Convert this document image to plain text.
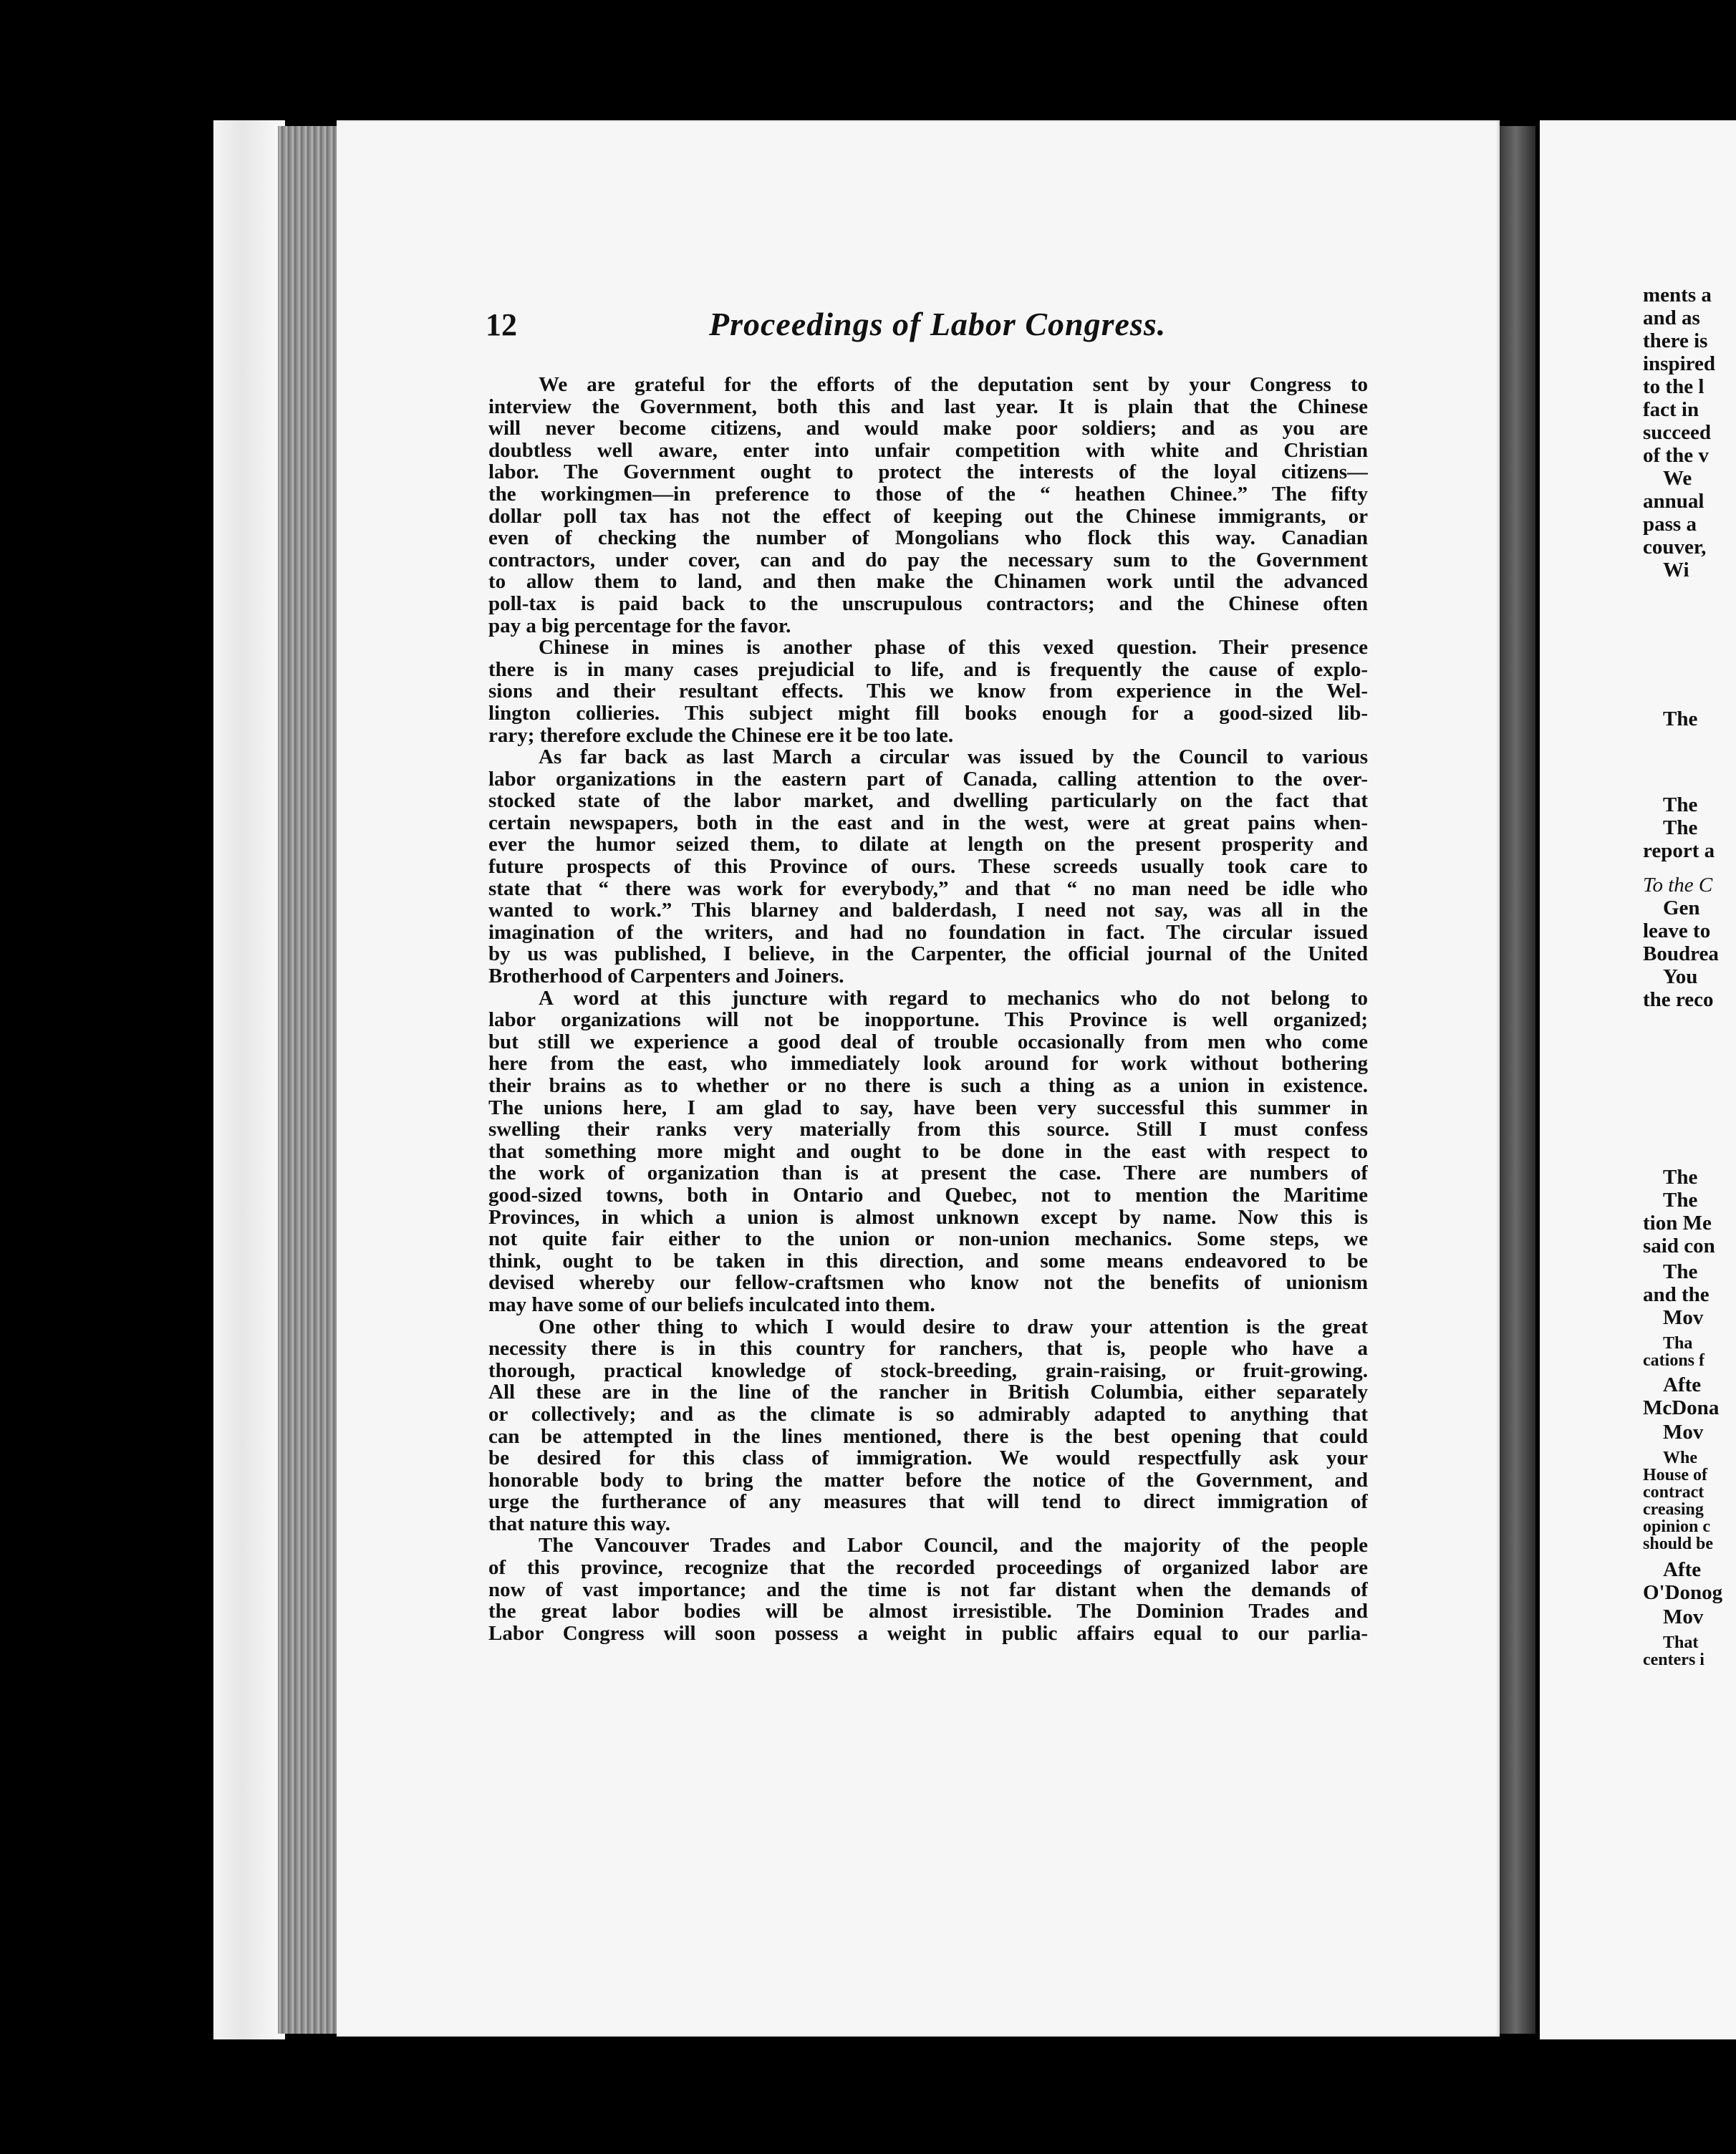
12	Proceedings of Labor Congress.
We are grateful for the efforts of the deputation sent by your Congress to
interview the Government, both this and last year. It is plain that the Chinese
will never become citizens, and would make poor soldiers; and as you are
doubtless well aware, enter into unfair competition with white and Christian
labor. The Government ought to protect the interests of the loyal citizens—
the workingmen—in preference to those of the “ heathen Chinee.” The fifty
dollar poll tax has not the effect of keeping out the Chinese immigrants, or
even of checking the number of Mongolians who flock this way. Canadian
contractors, under cover, can and do pay the necessary sum to the Government
to allow them to land, and then make the Chinamen work until the advanced
poll-tax is paid back to the unscrupulous contractors; and the Chinese often
pay a big percentage for the favor.
Chinese in mines is another phase of this vexed question. Their presence
there is in many cases prejudicial to life, and is frequently the cause of explo-
sions and their resultant effects. This we know from experience in the Wel-
lington collieries. This subject might fill books enough for a good-sized lib-
rary; therefore exclude the Chinese ere it be too late.
As far back as last March a circular was issued by the Council to various
labor organizations in the eastern part of Canada, calling attention to the over-
stocked state of the labor market, and dwelling particularly on the fact that
certain newspapers, both in the east and in the west, were at great pains when-
ever the humor seized them, to dilate at length on the present prosperity and
future prospects of this Province of ours. These screeds usually took care to
state that “ there was work for everybody,” and that “ no man need be idle who
wanted to work.” This blarney and balderdash, I need not say, was all in the
imagination of the writers, and had no foundation in fact. The circular issued
by us was published, I believe, in the Carpenter, the official journal of the United
Brotherhood of Carpenters and Joiners.
A word at this juncture with regard to mechanics who do not belong to
labor organizations will not be inopportune. This Province is well organized;
but still we experience a good deal of trouble occasionally from men who come
here from the east, who immediately look around for work without bothering
their brains as to whether or no there is such a thing as a union in existence.
The unions here, I am glad to say, have been very successful this summer in
swelling their ranks very materially from this source. Still I must confess
that something more might and ought to be done in the east with respect to
the work of organization than is at present the case. There are numbers of
good-sized towns, both in Ontario and Quebec, not to mention the Maritime
Provinces, in which a union is almost unknown except by name. Now this is
not quite fair either to the union or non-union mechanics. Some steps, we
think, ought to be taken in this direction, and some means endeavored to be
devised whereby our fellow-craftsmen who know not the benefits of unionism
may have some of our beliefs inculcated into them.
One other thing to which I would desire to draw your attention is the great
necessity there is in this country for ranchers, that is, people who have a
thorough, practical knowledge of stock-breeding, grain-raising, or fruit-growing.
All these are in the line of the rancher in British Columbia, either separately
or collectively; and as the climate is so admirably adapted to anything that
can be attempted in the lines mentioned, there is the best opening that could
be desired for this class of immigration. We would respectfully ask your
honorable body to bring the matter before the notice of the Government, and
urge the furtherance of any measures that will tend to direct immigration of
that nature this way.
The Vancouver Trades and Labor Council, and the majority of the people
of this province, recognize that the recorded proceedings of organized labor are
now of vast importance; and the time is not far distant when the demands of
the great labor bodies will be almost irresistible. The Dominion Trades and
Labor Congress will soon possess a weight in public affairs equal to our parlia-
ments a
and as
there is
inspired
to the l
fact in
succeed
of the v
We
annual
pass a
couver,
Wi
The
The
The
report a
To the C
Gen
leave to
Boudrea
You
the reco
The
The
tion Me
said con
The
and the
Mov
Tha
cations f
Afte
McDona
Mov
Whe
House of
contract
creasing
opinion c
should be
Afte
O'Donog
Mov
That
centers i
